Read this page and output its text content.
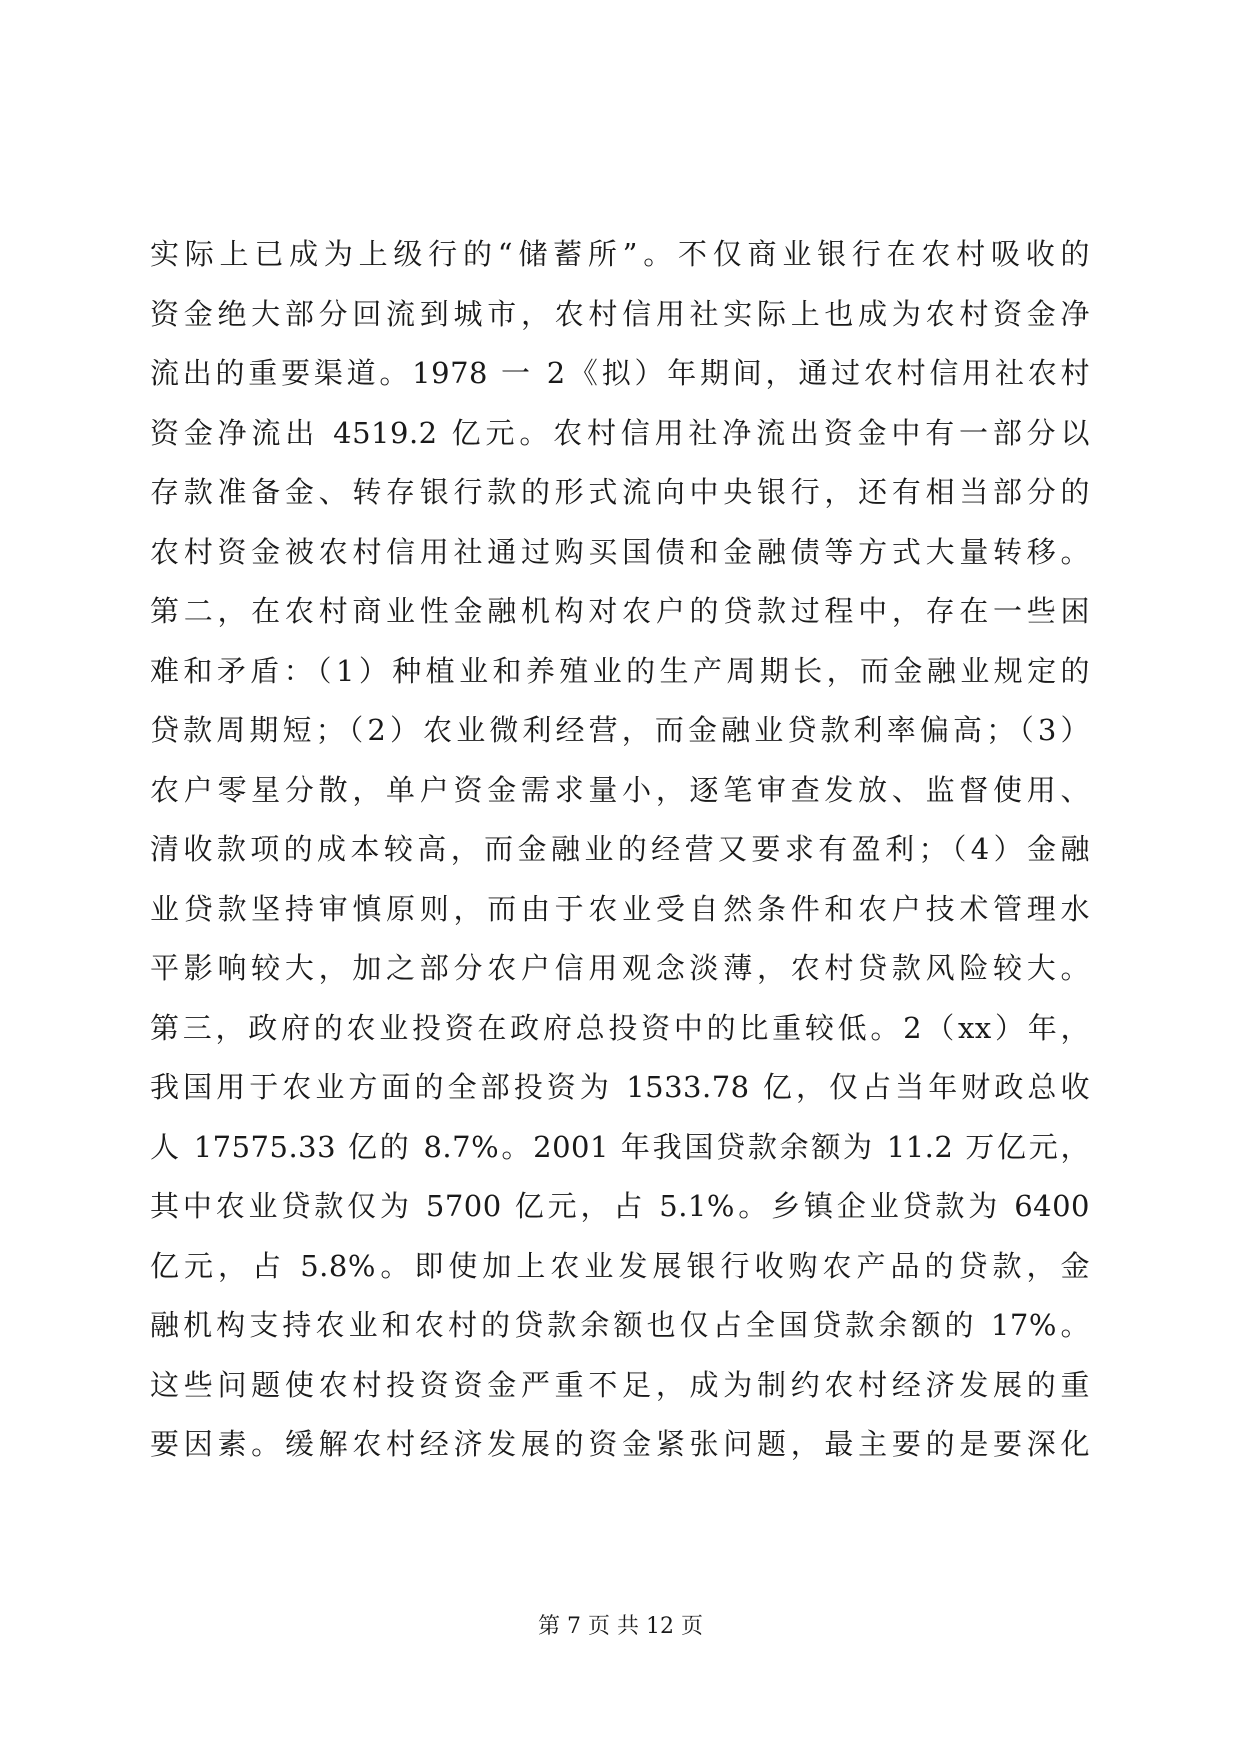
实际上已成为上级行的“储蓄所”。不仅商业银行在农村吸收的
资金绝大部分回流到城市，农村信用社实际上也成为农村资金净
流出的重要渠道。1978 一 2《拟）年期间，通过农村信用社农村
资金净流出 4519.2 亿元。农村信用社净流出资金中有一部分以
存款准备金、转存银行款的形式流向中央银行，还有相当部分的
农村资金被农村信用社通过购买国债和金融债等方式大量转移。
第二，在农村商业性金融机构对农户的贷款过程中，存在一些困
难和矛盾：（1）种植业和养殖业的生产周期长，而金融业规定的
贷款周期短；（2）农业微利经营，而金融业贷款利率偏高；（3）
农户零星分散，单户资金需求量小，逐笔审查发放、监督使用、
清收款项的成本较高，而金融业的经营又要求有盈利；（4）金融
业贷款坚持审慎原则，而由于农业受自然条件和农户技术管理水
平影响较大，加之部分农户信用观念淡薄，农村贷款风险较大。
第三，政府的农业投资在政府总投资中的比重较低。2（xx）年，
我国用于农业方面的全部投资为 1533.78 亿，仅占当年财政总收
人 17575.33 亿的 8.7%。2001 年我国贷款余额为 11.2 万亿元，
其中农业贷款仅为 5700 亿元，占 5.1%。乡镇企业贷款为 6400
亿元，占 5.8%。即使加上农业发展银行收购农产品的贷款，金
融机构支持农业和农村的贷款余额也仅占全国贷款余额的 17%。
这些问题使农村投资资金严重不足，成为制约农村经济发展的重
要因素。缓解农村经济发展的资金紧张问题，最主要的是要深化
第 7 页 共 12 页
